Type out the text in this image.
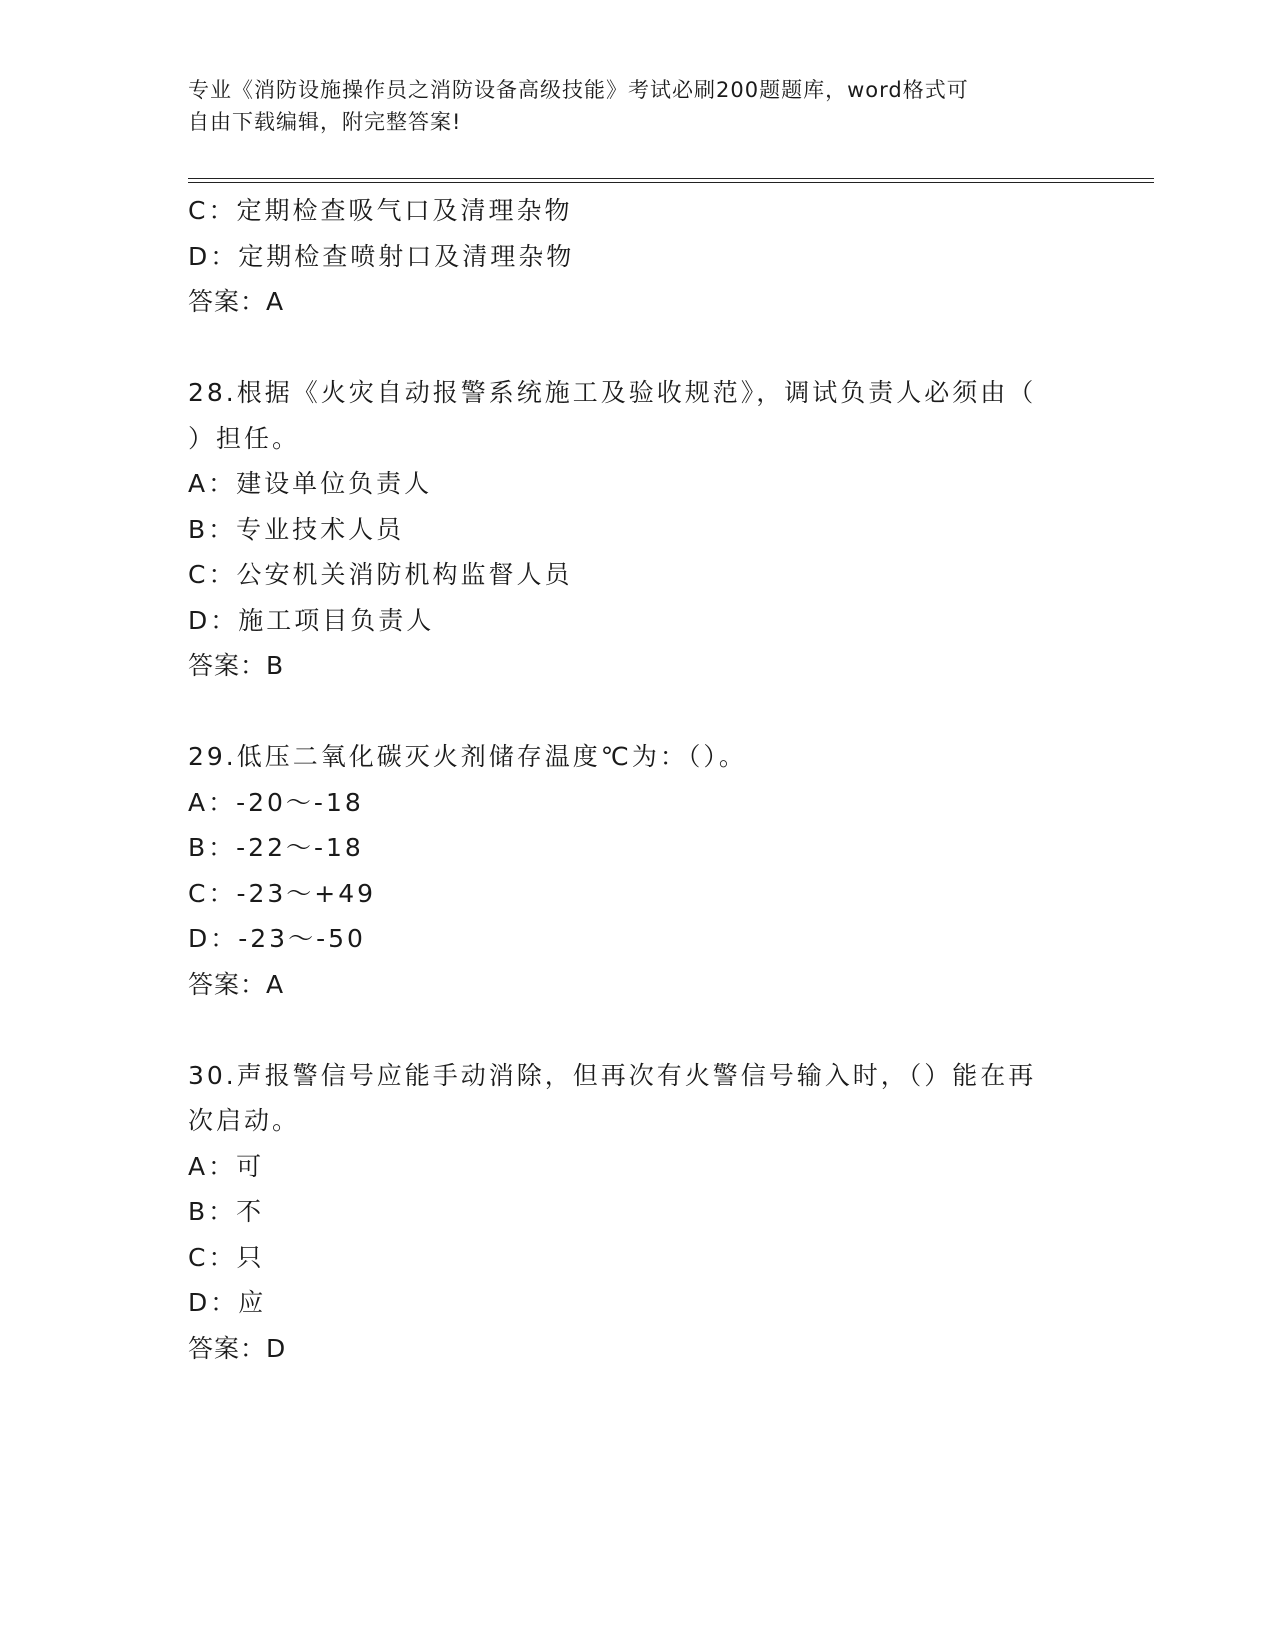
专业《消防设施操作员之消防设备高级技能》考试必刷200题题库，word格式可
自由下载编辑，附完整答案!
C：定期检查吸气口及清理杂物
D：定期检查喷射口及清理杂物
答案：A
28.根据《火灾自动报警系统施工及验收规范》，调试负责人必须由（
）担任。
A：建设单位负责人
B：专业技术人员
C：公安机关消防机构监督人员
D：施工项目负责人
答案：B
29.低压二氧化碳灭火剂储存温度℃为：（）。
A：-20～-18
B：-22～-18
C：-23～+49
D：-23～-50
答案：A
30.声报警信号应能手动消除，但再次有火警信号输入时，（）能在再
次启动。
A：可
B：不
C：只
D：应
答案：D
